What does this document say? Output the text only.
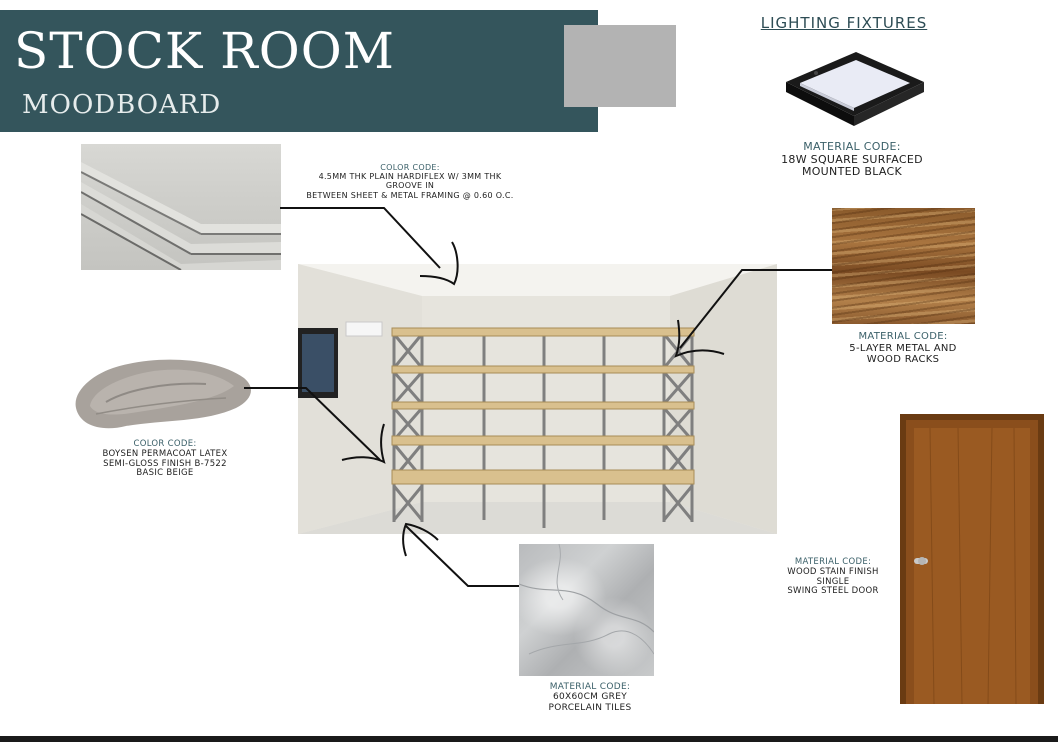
STOCK ROOM
MOODBOARD
LIGHTING FIXTURES
MATERIAL CODE:
18W SQUARE SURFACED MOUNTED BLACK
COLOR CODE:
4.5MM THK PLAIN HARDIFLEX W/ 3MM THK
GROOVE IN
BETWEEN SHEET & METAL FRAMING @ 0.60 O.C.
MATERIAL CODE:
5-LAYER METAL AND
WOOD RACKS
COLOR CODE:
BOYSEN PERMACOAT LATEX
SEMI-GLOSS FINISH B-7522
BASIC BEIGE
MATERIAL CODE:
60X60CM GREY
PORCELAIN TILES
MATERIAL CODE:
WOOD STAIN FINISH
SINGLE
SWING STEEL DOOR
